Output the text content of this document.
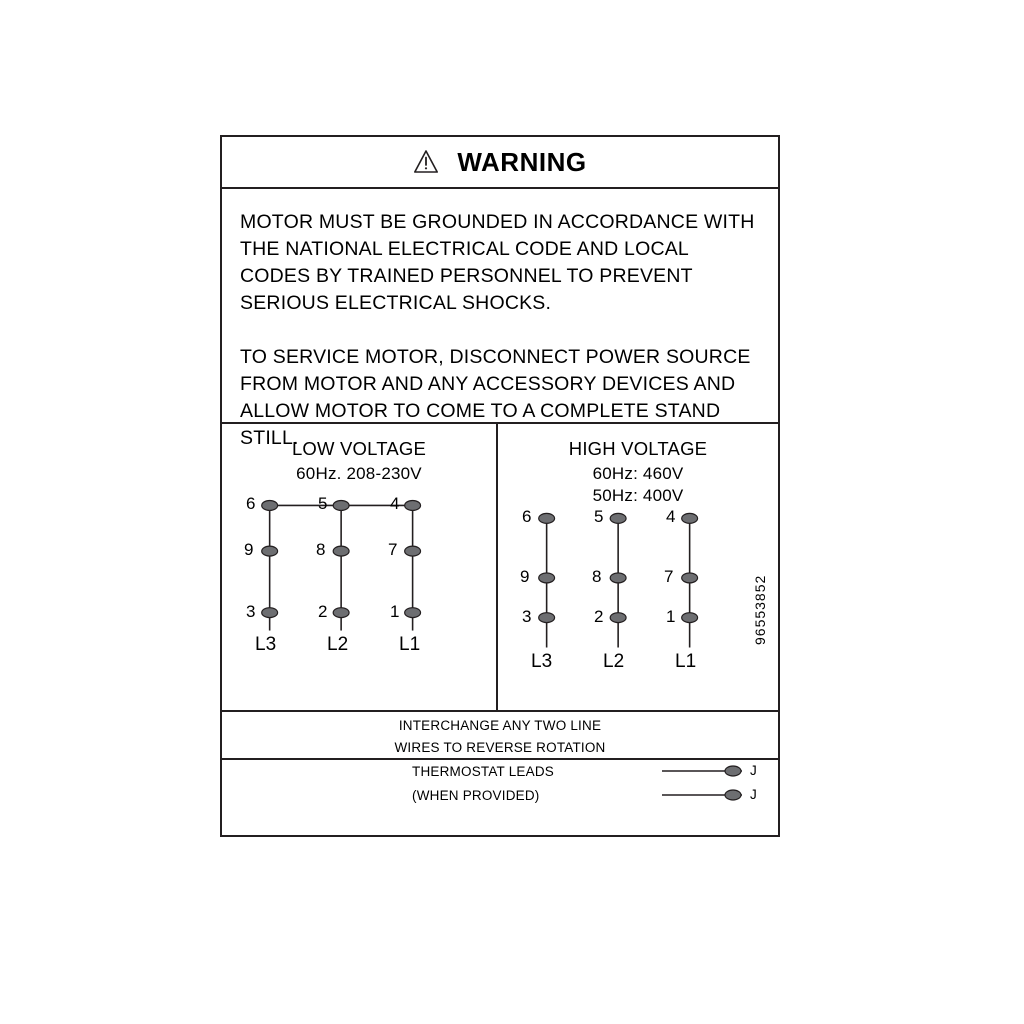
WARNING

MOTOR MUST BE GROUNDED IN ACCORDANCE WITH THE NATIONAL ELECTRICAL CODE AND LOCAL CODES BY TRAINED PERSONNEL TO PREVENT SERIOUS ELECTRICAL SHOCKS.

TO SERVICE MOTOR, DISCONNECT POWER SOURCE FROM MOTOR AND ANY ACCESSORY DEVICES AND ALLOW MOTOR TO COME TO A COMPLETE STAND STILL.

LOW VOLTAGE
60Hz. 208-230V
6	5	4
9	8	7
3	2	1
L3	L2	L1
HIGH VOLTAGE
60Hz: 460V
50Hz: 400V
6	5	4
9	8	7
3	2	1
L3	L2	L1
INTERCHANGE ANY TWO LINE
WIRES TO REVERSE ROTATION
THERMOSTAT LEADS
(WHEN PROVIDED)
J
J
96553852
